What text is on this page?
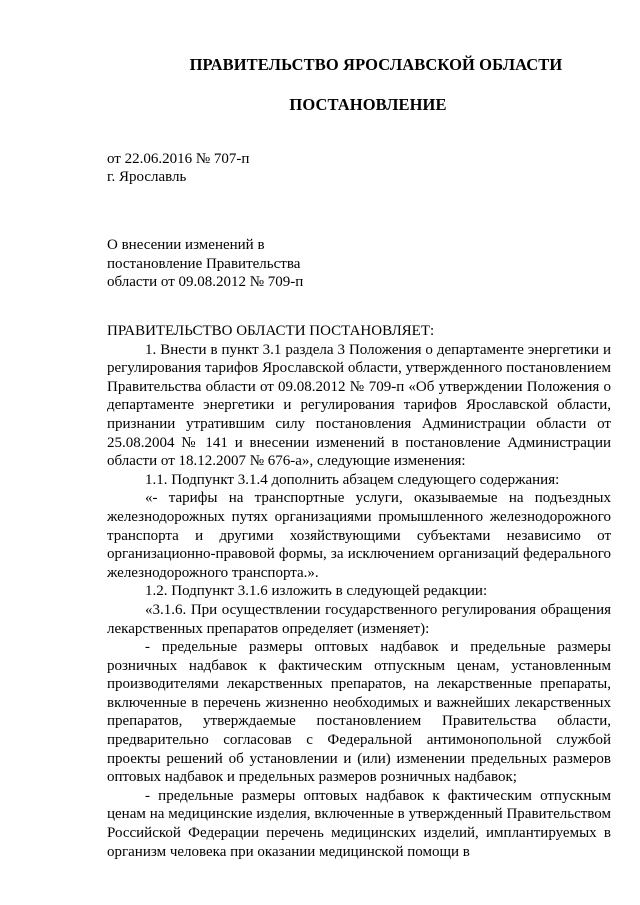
ПРАВИТЕЛЬСТВО ЯРОСЛАВСКОЙ ОБЛАСТИ
ПОСТАНОВЛЕНИЕ
от 22.06.2016 № 707-п
г. Ярославль
О внесении изменений в
постановление Правительства
области от 09.08.2012 № 709-п

ПРАВИТЕЛЬСТВО ОБЛАСТИ ПОСТАНОВЛЯЕТ:

1. Внести в пункт 3.1 раздела 3 Положения о департаменте энергетики и регулирования тарифов Ярославской области, утвержденного постановлением Правительства области от 09.08.2012 № 709-п «Об утверждении Положения о департаменте энергетики и регулирования тарифов Ярославской области, признании утратившим силу постановления Администрации области от 25.08.2004 № 141 и внесении изменений в постановление Администрации области от 18.12.2007 № 676-а», следующие изменения:

1.1. Подпункт 3.1.4 дополнить абзацем следующего содержания:

«- тарифы на транспортные услуги, оказываемые на подъездных железнодорожных путях организациями промышленного железнодорожного транспорта и другими хозяйствующими субъектами независимо от организационно-правовой формы, за исключением организаций федерального железнодорожного транспорта.».

1.2. Подпункт 3.1.6 изложить в следующей редакции:

«3.1.6. При осуществлении государственного регулирования обращения лекарственных препаратов определяет (изменяет):

- предельные размеры оптовых надбавок и предельные размеры розничных надбавок к фактическим отпускным ценам, установленным производителями лекарственных препаратов, на лекарственные препараты, включенные в перечень жизненно необходимых и важнейших лекарственных препаратов, утверждаемые постановлением Правительства области, предварительно согласовав с Федеральной антимонопольной службой проекты решений об установлении и (или) изменении предельных размеров оптовых надбавок и предельных размеров розничных надбавок;

- предельные размеры оптовых надбавок к фактическим отпускным ценам на медицинские изделия, включенные в утвержденный Правительством Российской Федерации перечень медицинских изделий, имплантируемых в организм человека при оказании медицинской помощи в
